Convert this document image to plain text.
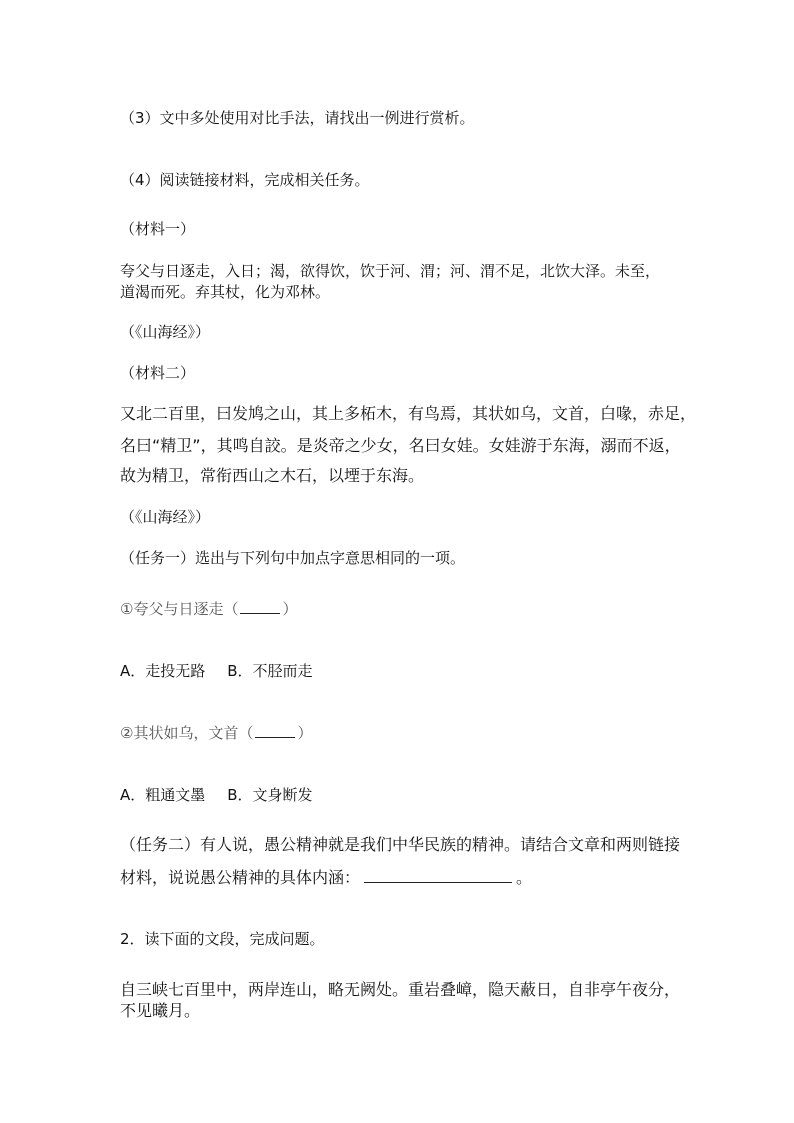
（3）文中多处使用对比手法，请找出一例进行赏析。
（4）阅读链接材料，完成相关任务。
（材料一）
夸父与日逐走，入日；渴，欲得饮，饮于河、渭；河、渭不足，北饮大泽。未至，
道渴而死。弃其杖，化为邓林。
（《山海经》）
（材料二）
又北二百里，曰发鸠之山，其上多柘木，有鸟焉，其状如乌，文首，白喙，赤足，
名曰“精卫”，其鸣自詨。是炎帝之少女，名曰女娃。女娃游于东海，溺而不返，
故为精卫，常衔西山之木石，以堙于东海。
（《山海经》）
（任务一）选出与下列句中加点字意思相同的一项。
①夸父与日逐走（	）
A．走投无路 B．不胫而走
②其状如乌，文首（	）
A．粗通文墨 B．文身断发
（任务二）有人说，愚公精神就是我们中华民族的精神。请结合文章和两则链接
材料，说说愚公精神的具体内涵：	。
2．读下面的文段，完成问题。
自三峡七百里中，两岸连山，略无阙处。重岩叠嶂，隐天蔽日，自非亭午夜分，
不见曦月。
